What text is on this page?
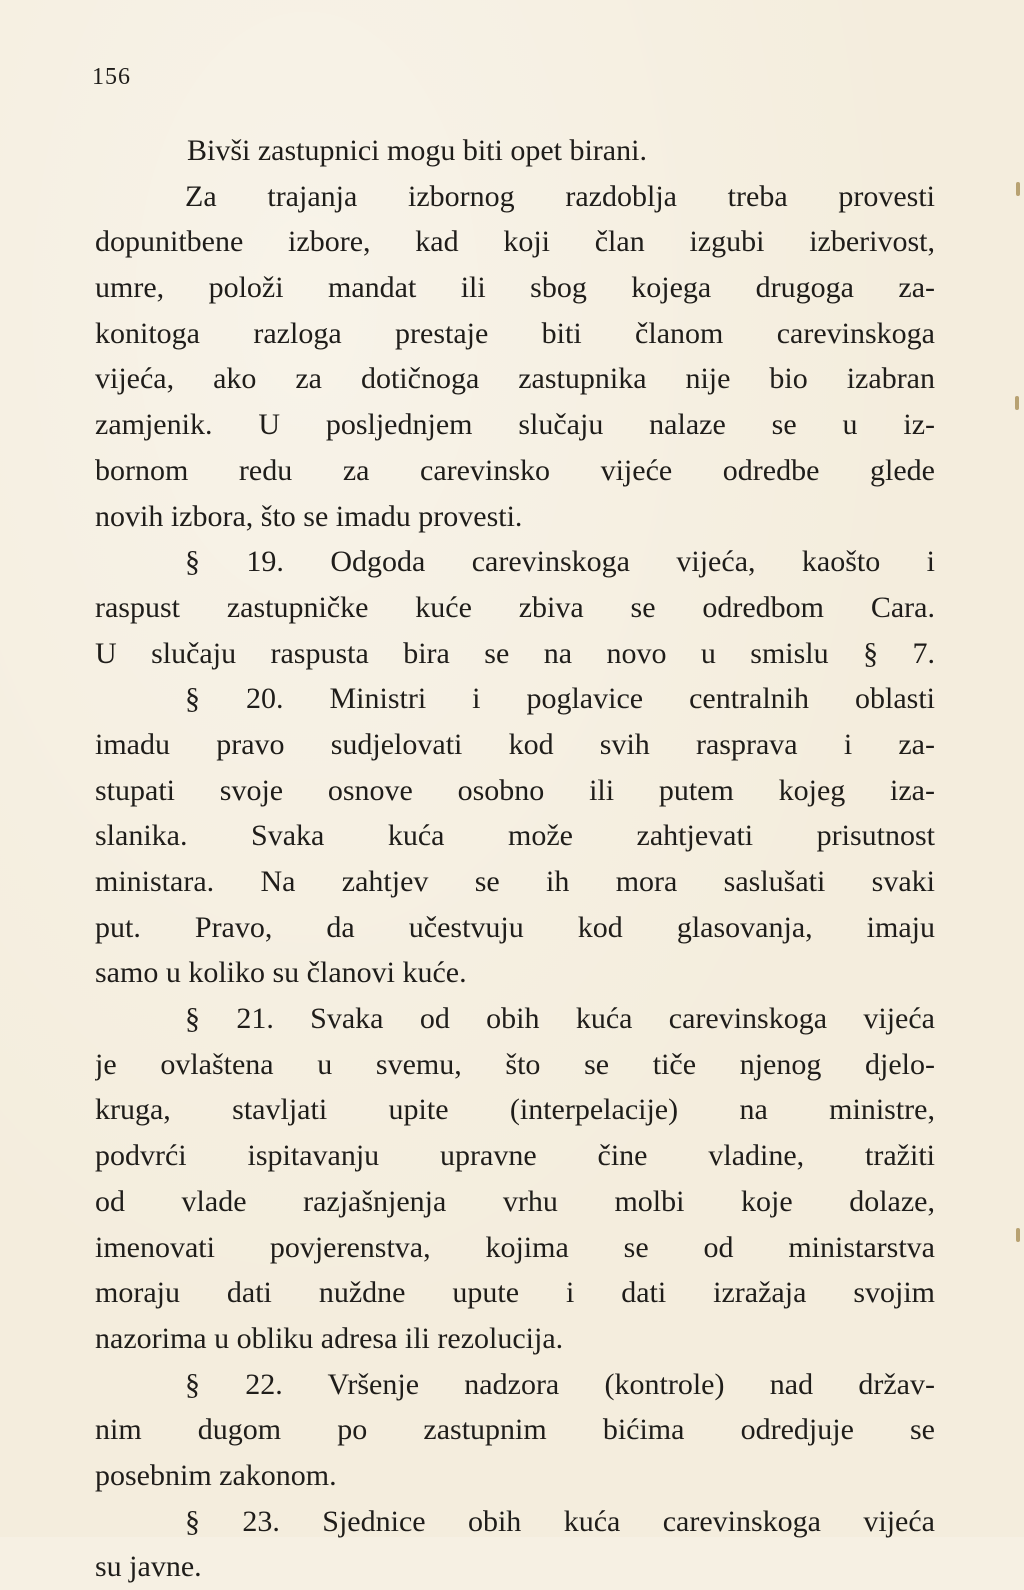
156
Bivši zastupnici mogu biti opet birani.
Za trajanja izbornog razdoblja treba provesti
dopunitbene izbore, kad koji član izgubi izberivost,
umre, položi mandat ili sbog kojega drugoga za-
konitoga razloga prestaje biti članom carevinskoga
vijeća, ako za dotičnoga zastupnika nije bio izabran
zamjenik. U posljednjem slučaju nalaze se u iz-
bornom redu za carevinsko vijeće odredbe glede
novih izbora, što se imadu provesti.
§ 19. Odgoda carevinskoga vijeća, kaošto i
raspust zastupničke kuće zbiva se odredbom Cara.
U slučaju raspusta bira se na novo u smislu § 7.
§ 20. Ministri i poglavice centralnih oblasti
imadu pravo sudjelovati kod svih rasprava i za-
stupati svoje osnove osobno ili putem kojeg iza-
slanika. Svaka kuća može zahtjevati prisutnost
ministara. Na zahtjev se ih mora saslušati svaki
put. Pravo, da učestvuju kod glasovanja, imaju
samo u koliko su članovi kuće.
§ 21. Svaka od obih kuća carevinskoga vijeća
je ovlaštena u svemu, što se tiče njenog djelo-
kruga, stavljati upite (interpelacije) na ministre,
podvrći ispitavanju upravne čine vladine, tražiti
od vlade razjašnjenja vrhu molbi koje dolaze,
imenovati povjerenstva, kojima se od ministarstva
moraju dati nuždne upute i dati izražaja svojim
nazorima u obliku adresa ili rezolucija.
§ 22. Vršenje nadzora (kontrole) nad držav-
nim dugom po zastupnim bićima odredjuje se
posebnim zakonom.
§ 23. Sjednice obih kuća carevinskoga vijeća
su javne.
